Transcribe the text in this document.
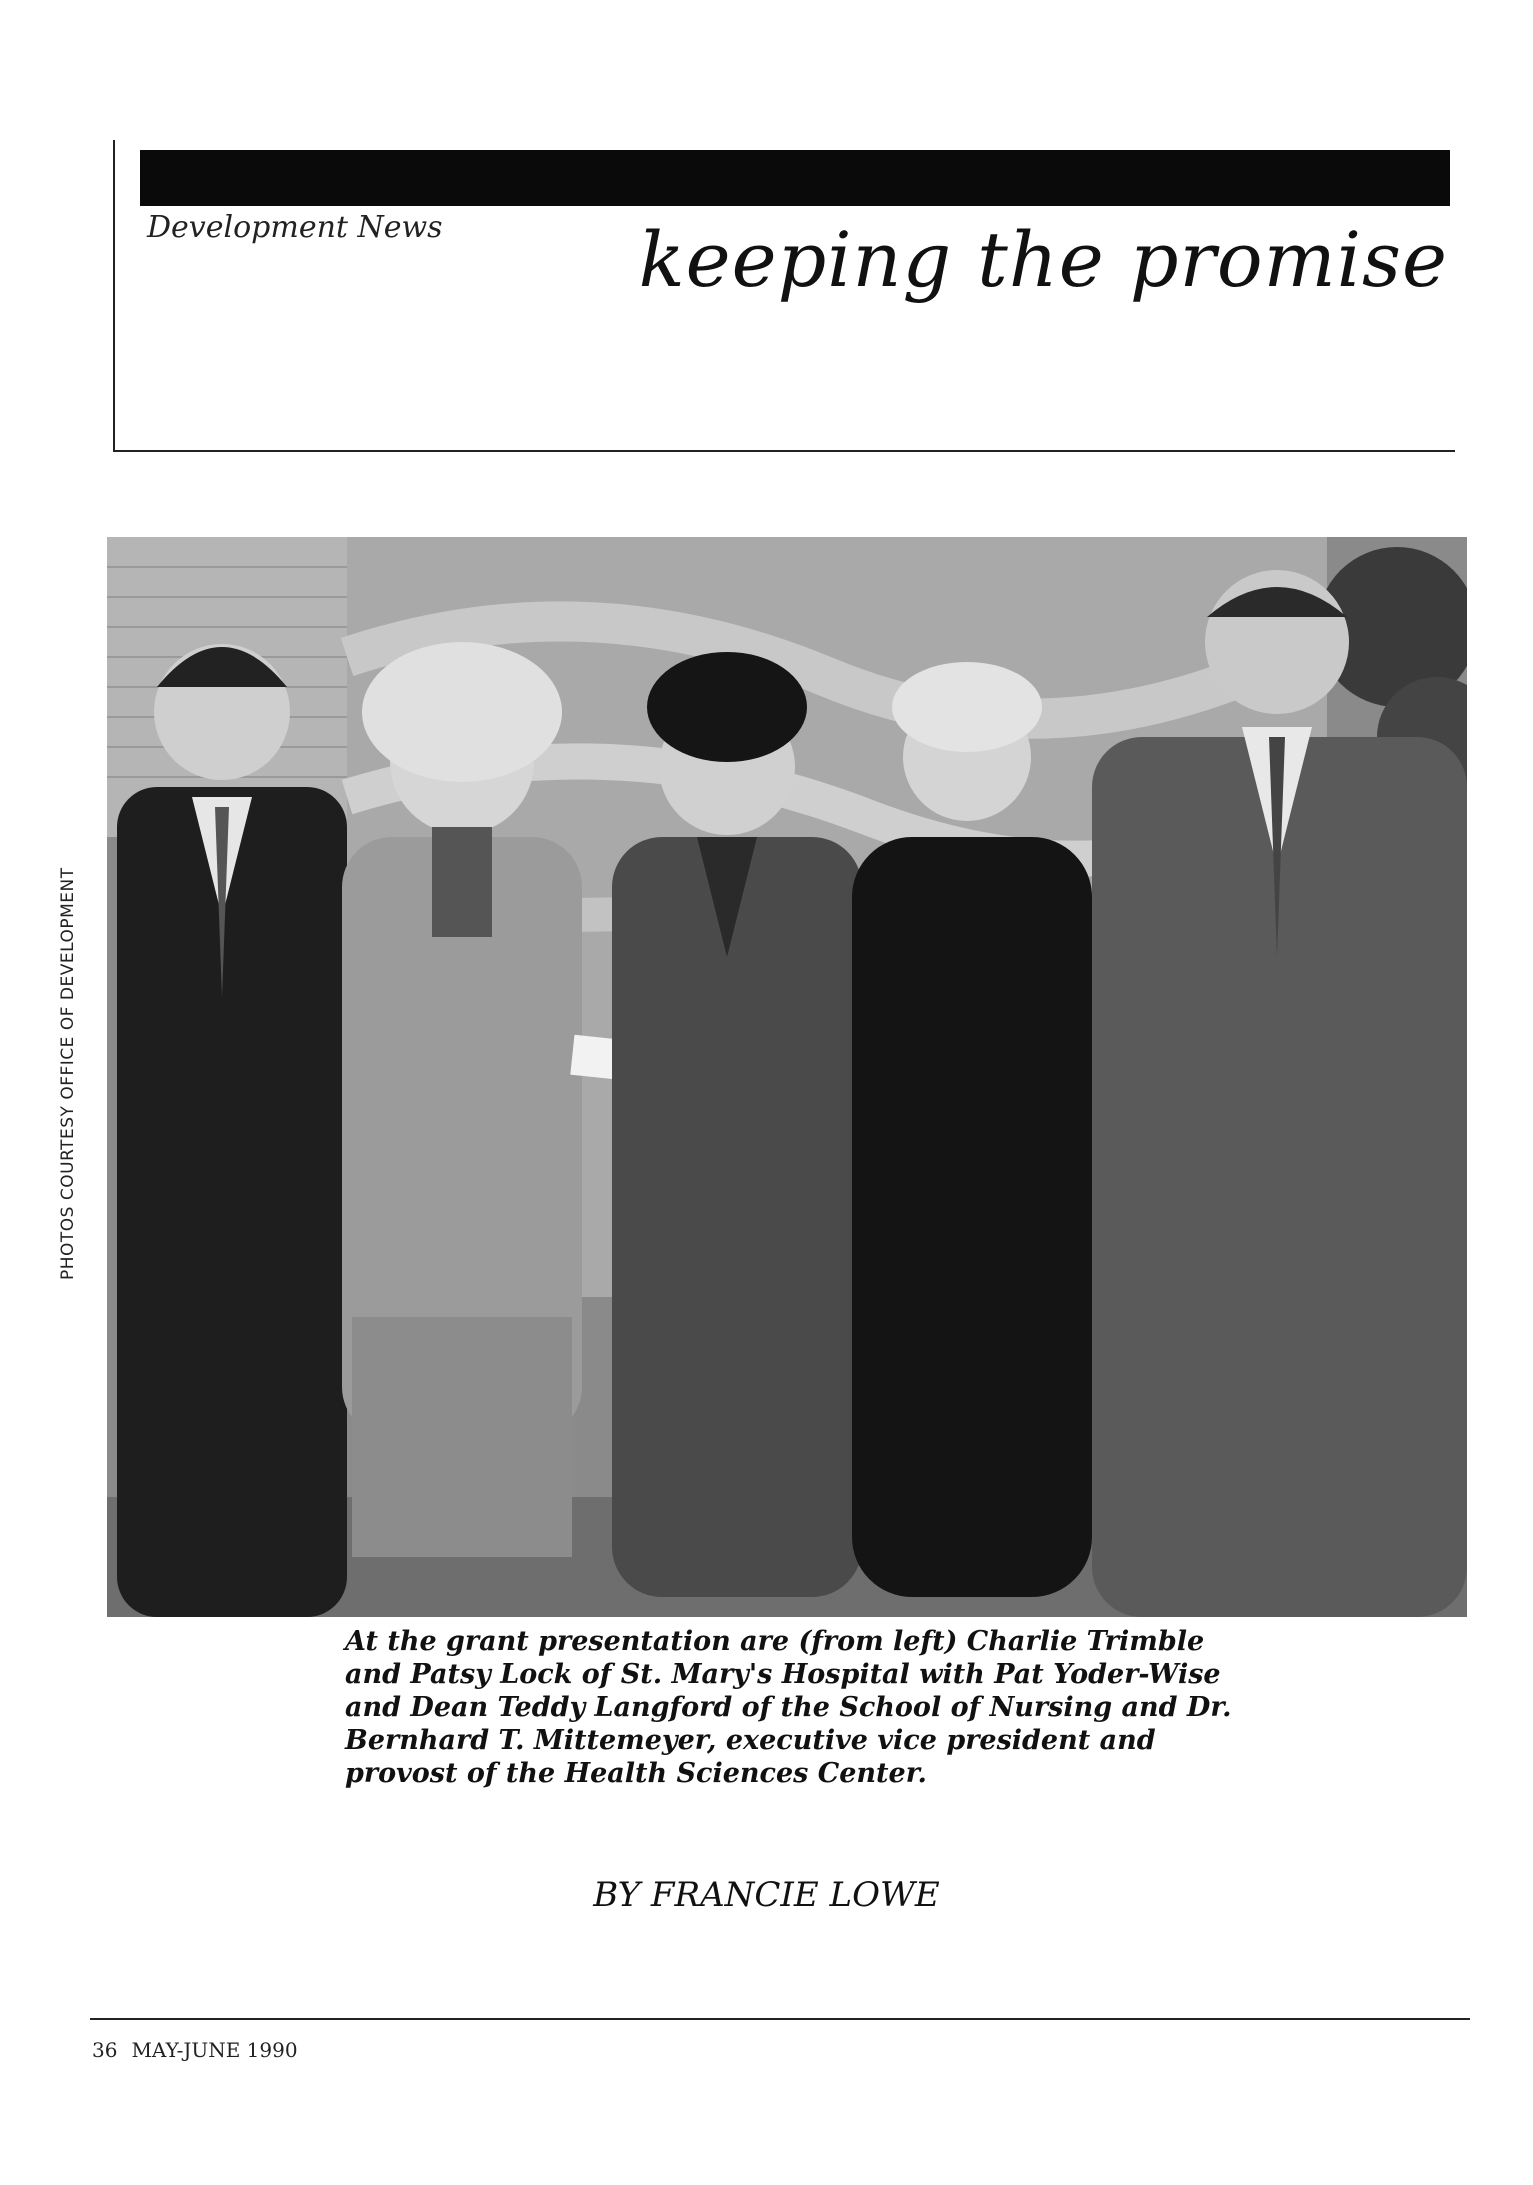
Development News	keeping the promise
PHOTOS COURTESY OFFICE OF DEVELOPMENT
At the grant presentation are (from left) Charlie Trimble and Patsy Lock of St. Mary's Hospital with Pat Yoder-Wise and Dean Teddy Langford of the School of Nursing and Dr. Bernhard T. Mittemeyer, executive vice president and provost of the Health Sciences Center.
BY FRANCIE LOWE
36 MAY-JUNE 1990
